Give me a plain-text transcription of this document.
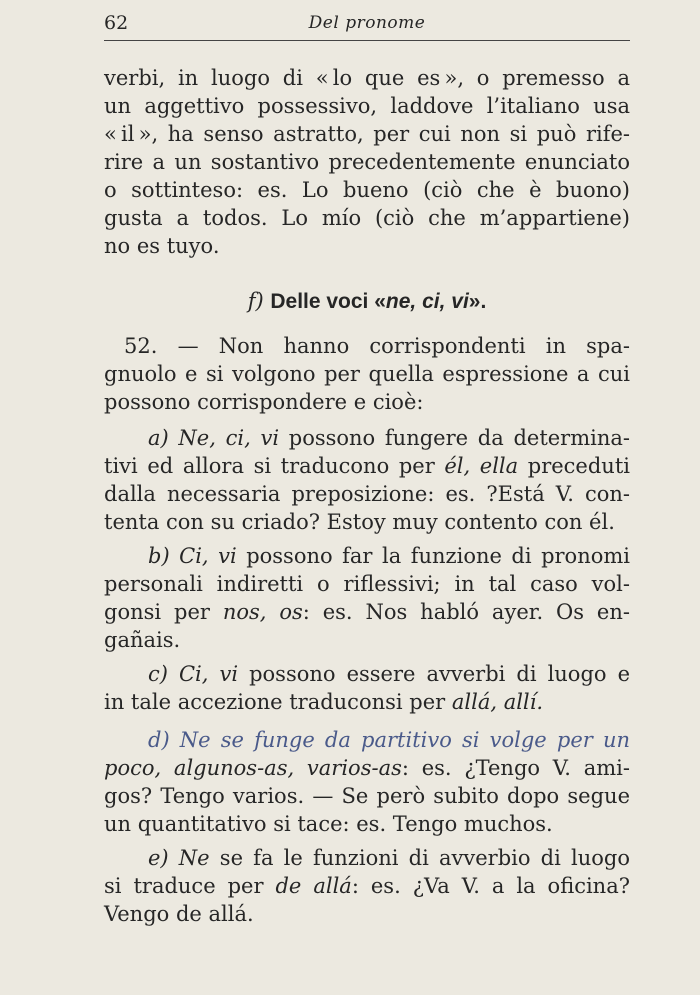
62	Del pronome
verbi, in luogo di « lo que es », o premesso a
un aggettivo possessivo, laddove l’italiano usa
« il », ha senso astratto, per cui non si può rife-
rire a un sostantivo precedentemente enunciato
o sottinteso: es. Lo bueno (ciò che è buono)
gusta a todos. Lo mío (ciò che m’appartiene)
no es tuyo.
f) Delle voci «ne, ci, vi».
52. — Non hanno corrispondenti in spa-
gnuolo e si volgono per quella espressione a cui
possono corrispondere e cioè:
a) Ne, ci, vi possono fungere da determina-
tivi ed allora si traducono per él, ella preceduti
dalla necessaria preposizione: es. ?Está V. con-
tenta con su criado? Estoy muy contento con él.
b) Ci, vi possono far la funzione di pronomi
personali indiretti o riflessivi; in tal caso vol-
gonsi per nos, os: es. Nos habló ayer. Os en-
gañais.
c) Ci, vi possono essere avverbi di luogo e
in tale accezione traduconsi per allá, allí.
d) Ne se funge da partitivo si volge per un
poco, algunos-as, varios-as: es. ¿Tengo V. ami-
gos? Tengo varios. — Se però subito dopo segue
un quantitativo si tace: es. Tengo muchos.
e) Ne se fa le funzioni di avverbio di luogo
si traduce per de allá: es. ¿Va V. a la oficina?
Vengo de allá.
